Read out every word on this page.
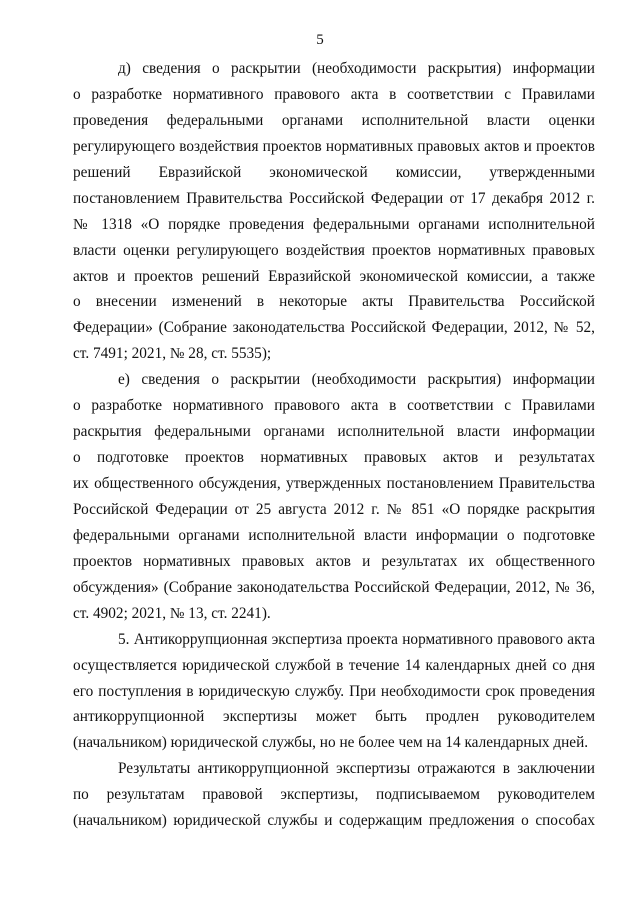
5
д) сведения о раскрытии (необходимости раскрытия) информации
о разработке нормативного правового акта в соответствии с Правилами
проведения федеральными органами исполнительной власти оценки
регулирующего воздействия проектов нормативных правовых актов и проектов
решений Евразийской экономической комиссии, утвержденными
постановлением Правительства Российской Федерации от 17 декабря 2012 г.
№ 1318 «О порядке проведения федеральными органами исполнительной
власти оценки регулирующего воздействия проектов нормативных правовых
актов и проектов решений Евразийской экономической комиссии, а также
о внесении изменений в некоторые акты Правительства Российской
Федерации» (Собрание законодательства Российской Федерации, 2012, № 52,
ст. 7491; 2021, № 28, ст. 5535);
е) сведения о раскрытии (необходимости раскрытия) информации
о разработке нормативного правового акта в соответствии с Правилами
раскрытия федеральными органами исполнительной власти информации
о подготовке проектов нормативных правовых актов и результатах
их общественного обсуждения, утвержденных постановлением Правительства
Российской Федерации от 25 августа 2012 г. № 851 «О порядке раскрытия
федеральными органами исполнительной власти информации о подготовке
проектов нормативных правовых актов и результатах их общественного
обсуждения» (Собрание законодательства Российской Федерации, 2012, № 36,
ст. 4902; 2021, № 13, ст. 2241).
5. Антикоррупционная экспертиза проекта нормативного правового акта
осуществляется юридической службой в течение 14 календарных дней со дня
его поступления в юридическую службу. При необходимости срок проведения
антикоррупционной экспертизы может быть продлен руководителем
(начальником) юридической службы, но не более чем на 14 календарных дней.
Результаты антикоррупционной экспертизы отражаются в заключении
по результатам правовой экспертизы, подписываемом руководителем
(начальником) юридической службы и содержащим предложения о способах
